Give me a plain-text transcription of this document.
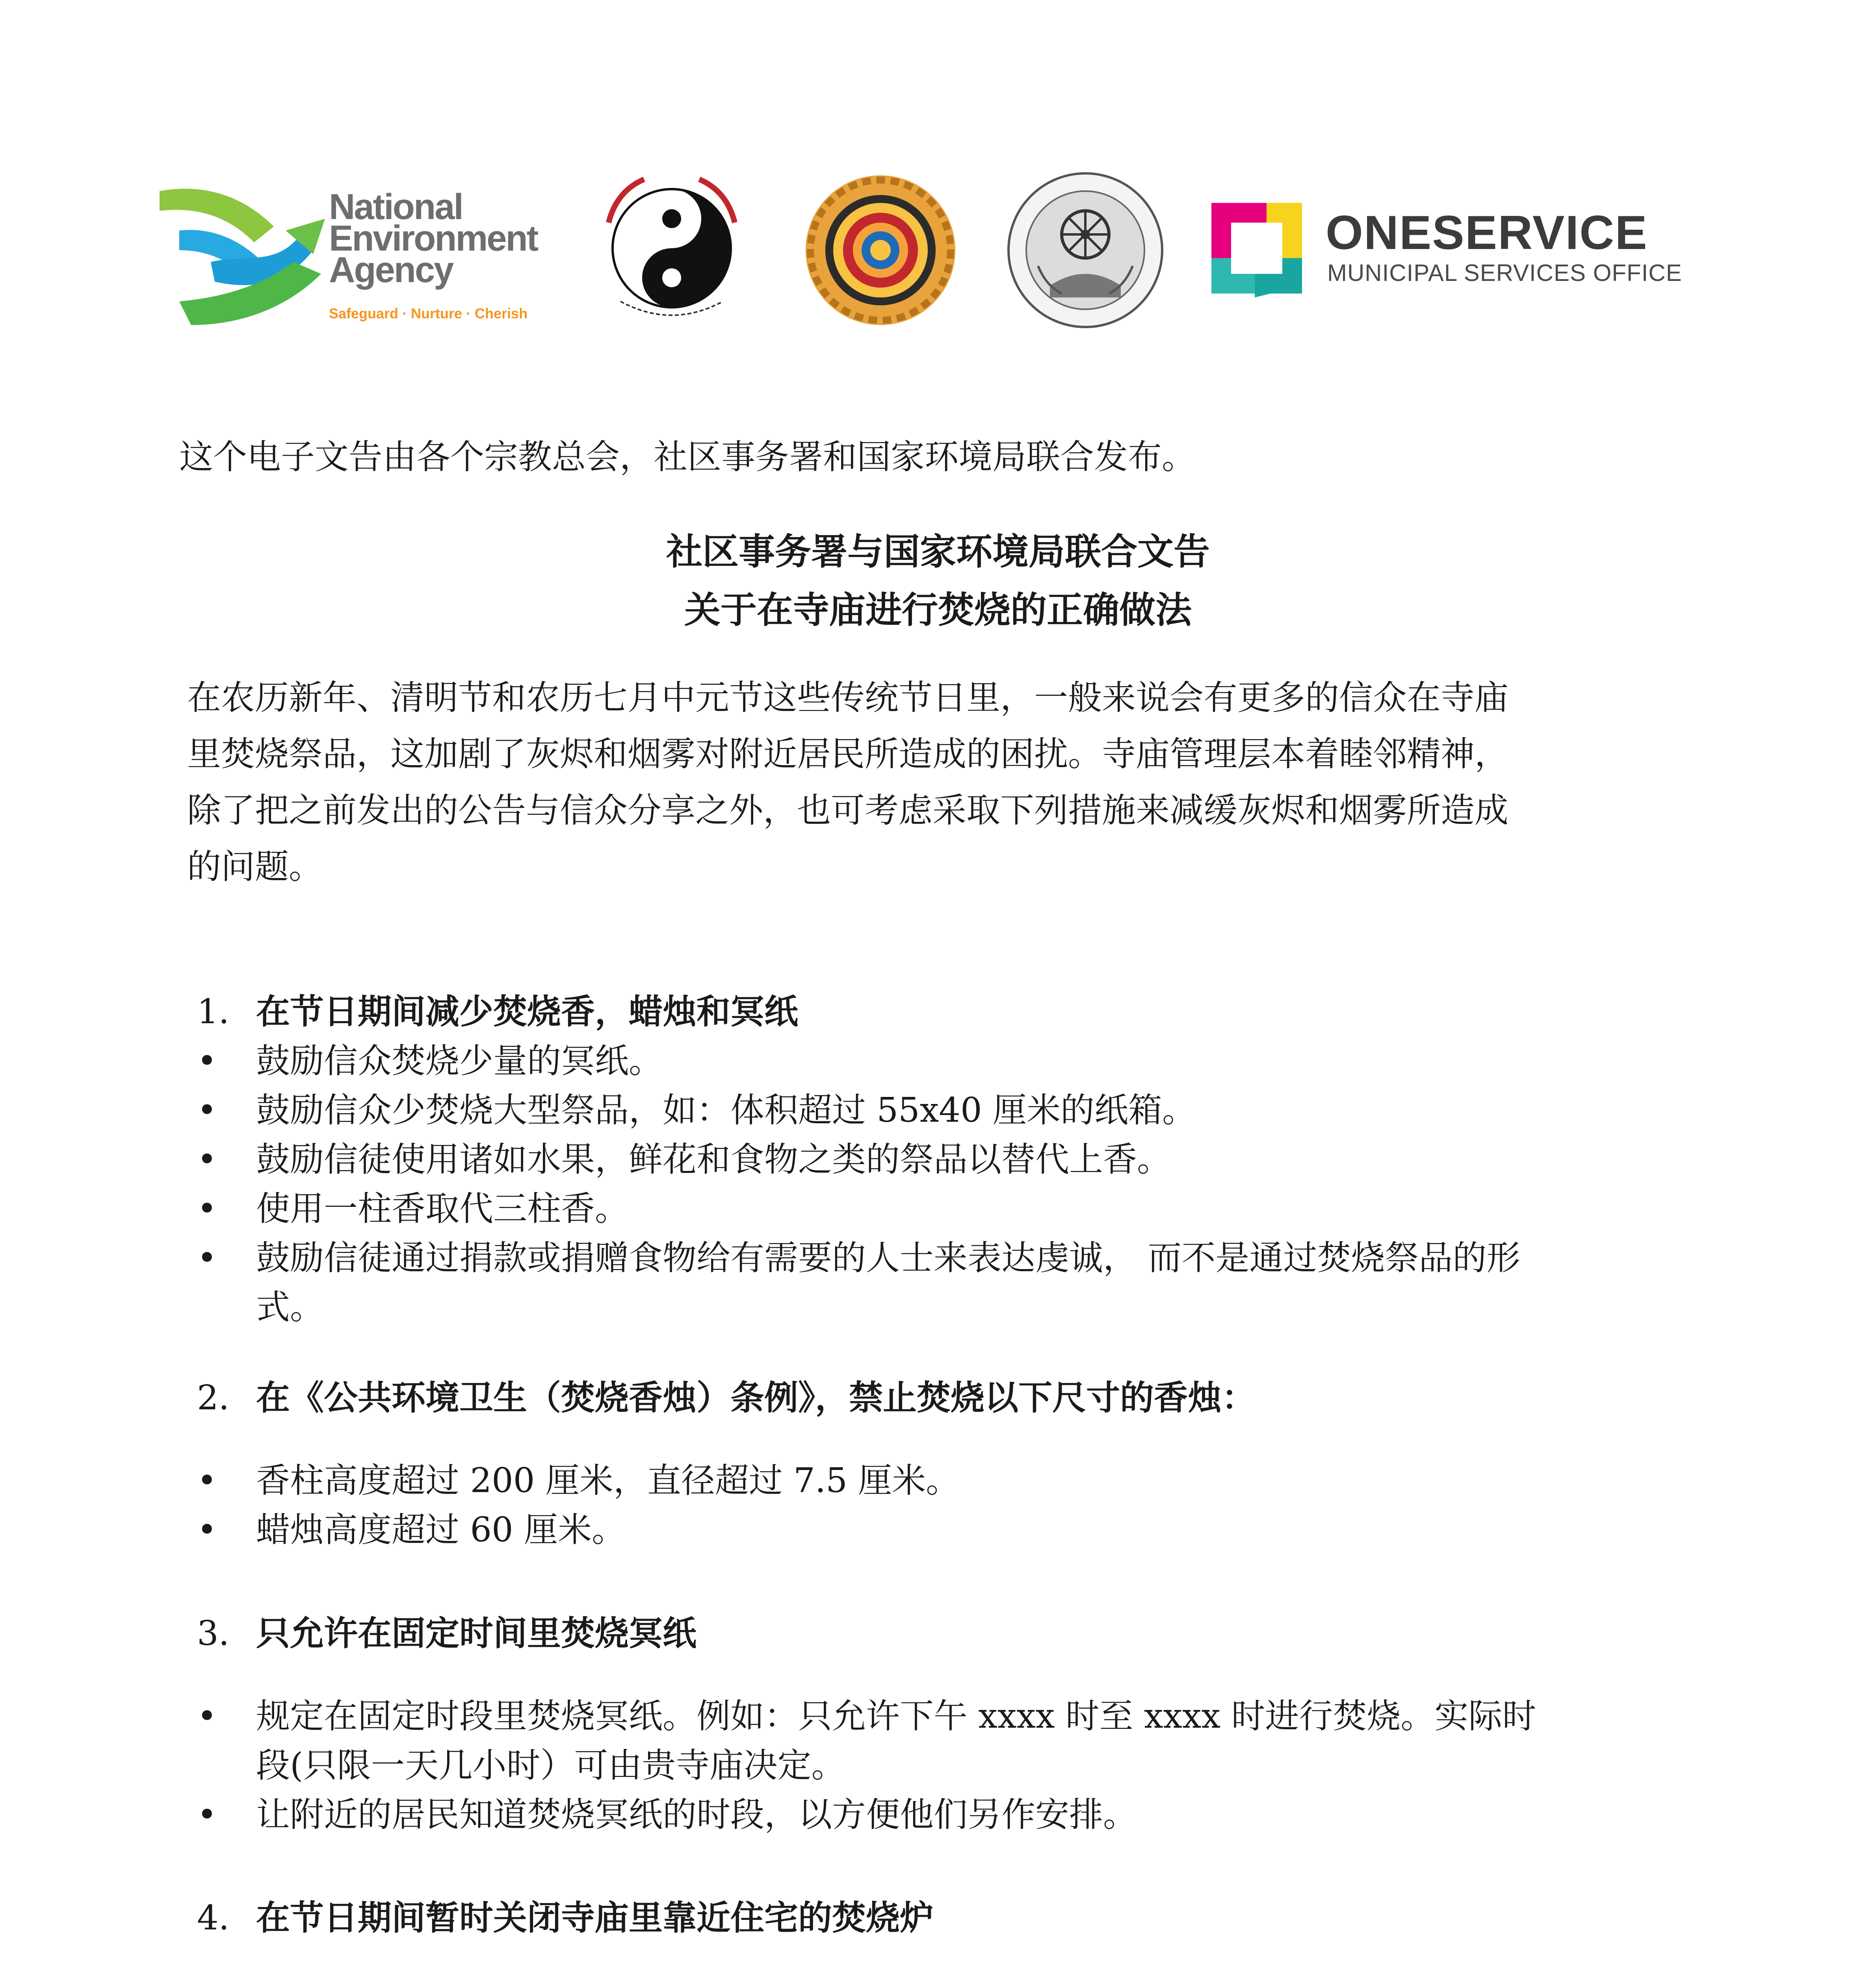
National
Environment
Agency
Safeguard · Nurture · Cherish
ONESERVICE
MUNICIPAL SERVICES OFFICE
这个电子文告由各个宗教总会，社区事务署和国家环境局联合发布。
社区事务署与国家环境局联合文告
关于在寺庙进行焚烧的正确做法
在农历新年、清明节和农历七月中元节这些传统节日里，一般来说会有更多的信众在寺庙
里焚烧祭品，这加剧了灰烬和烟雾对附近居民所造成的困扰。寺庙管理层本着睦邻精神，
除了把之前发出的公告与信众分享之外，也可考虑采取下列措施来减缓灰烬和烟雾所造成
的问题。
1. 在节日期间减少焚烧香，蜡烛和冥纸
• 鼓励信众焚烧少量的冥纸。
• 鼓励信众少焚烧大型祭品，如：体积超过 55x40 厘米的纸箱。
• 鼓励信徒使用诸如水果，鲜花和食物之类的祭品以替代上香。
• 使用一柱香取代三柱香。
• 鼓励信徒通过捐款或捐赠食物给有需要的人士来表达虔诚， 而不是通过焚烧祭品的形
式。
2. 在《公共环境卫生（焚烧香烛）条例》，禁止焚烧以下尺寸的香烛：
• 香柱高度超过 200 厘米，直径超过 7.5 厘米。
• 蜡烛高度超过 60 厘米。
3. 只允许在固定时间里焚烧冥纸
• 规定在固定时段里焚烧冥纸。例如：只允许下午 xxxx 时至 xxxx 时进行焚烧。实际时
段(只限一天几小时）可由贵寺庙决定。
• 让附近的居民知道焚烧冥纸的时段，以方便他们另作安排。
4. 在节日期间暂时关闭寺庙里靠近住宅的焚烧炉
